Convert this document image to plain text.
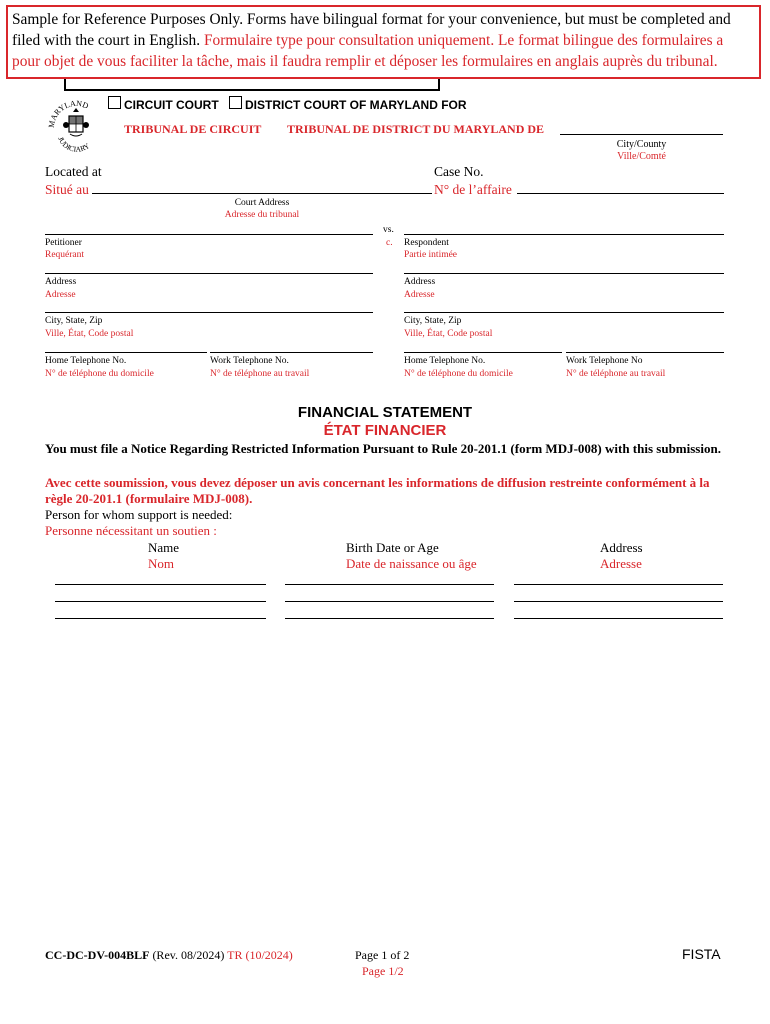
Sample for Reference Purposes Only. Forms have bilingual format for your convenience, but must be completed and filed with the court in English. Formulaire type pour consultation uniquement. Le format bilingue des formulaires a pour objet de vous faciliter la tâche, mais il faudra remplir et déposer les formulaires en anglais auprès du tribunal.
MARYLAND
JUDICIARY
CIRCUIT COURT DISTRICT COURT OF MARYLAND FOR
TRIBUNAL DE CIRCUIT TRIBUNAL DE DISTRICT DU MARYLAND DE
City/County
Ville/Comté
Located at
Situé au
Court Address
Adresse du tribunal
Case No.
N° de l’affaire
Petitioner
Requérant
vs.
c. Respondent
Partie intimée
Address
Adresse
Address
Adresse
City, State, Zip
Ville, État, Code postal
City, State, Zip
Ville, État, Code postal
Home Telephone No.
N° de téléphone du domicile
Work Telephone No.
N° de téléphone au travail
Home Telephone No.
N° de téléphone du domicile
Work Telephone No
N° de téléphone au travail
FINANCIAL STATEMENT
ÉTAT FINANCIER
You must file a Notice Regarding Restricted Information Pursuant to Rule 20-201.1 (form MDJ-008) with this submission.
Avec cette soumission, vous devez déposer un avis concernant les informations de diffusion restreinte conformément à la règle 20-201.1 (formulaire MDJ-008).
Person for whom support is needed:
Personne nécessitant un soutien :
Name
Nom
Birth Date or Age
Date de naissance ou âge
Address
Adresse
CC-DC-DV-004BLF (Rev. 08/2024) TR (10/2024)	Page 1 of 2
Page 1/2
FISTA
